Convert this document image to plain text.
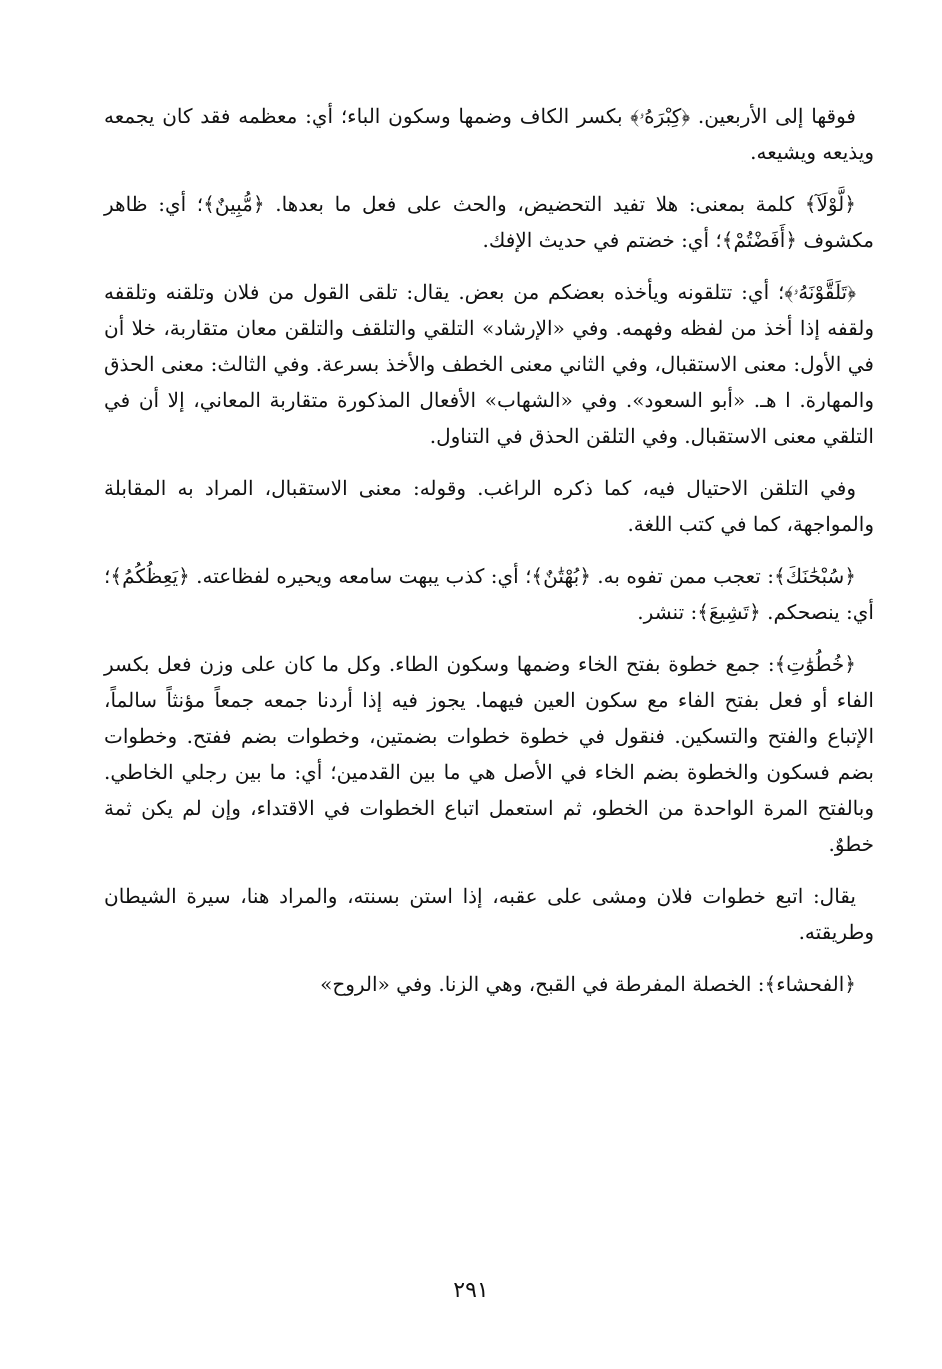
فوقها إلى الأربعين. ﴿كِبْرَهُۥ﴾ بكسر الكاف وضمها وسكون الباء؛ أي: معظمه فقد كان يجمعه ويذيعه ويشيعه.

﴿لَّوْلَآ﴾ كلمة بمعنى: هلا تفيد التحضيض، والحث على فعل ما بعدها. ﴿مُّبِينٌ﴾؛ أي: ظاهر مكشوف ﴿أَفَضْتُمْ﴾؛ أي: خضتم في حديث الإفك.

﴿تَلَقَّوْنَهُۥ﴾؛ أي: تتلقونه ويأخذه بعضكم من بعض. يقال: تلقى القول من فلان وتلقنه وتلقفه ولقفه إذا أخذ من لفظه وفهمه. وفي «الإرشاد» التلقي والتلقف والتلقن معان متقاربة، خلا أن في الأول: معنى الاستقبال، وفي الثاني معنى الخطف والأخذ بسرعة. وفي الثالث: معنى الحذق والمهارة. ا هـ. «أبو السعود». وفي «الشهاب» الأفعال المذكورة متقاربة المعاني، إلا أن في التلقي معنى الاستقبال. وفي التلقن الحذق في التناول.

وفي التلقن الاحتيال فيه، كما ذكره الراغب. وقوله: معنى الاستقبال، المراد به المقابلة والمواجهة، كما في كتب اللغة.

﴿سُبْحَٰنَكَ﴾: تعجب ممن تفوه به. ﴿بُهْتَٰنٌ﴾؛ أي: كذب يبهت سامعه ويحيره لفظاعته. ﴿يَعِظُكُمُ﴾؛ أي: ينصحكم. ﴿تَشِيعَ﴾: تنشر.

﴿خُطُوَٰتِ﴾: جمع خطوة بفتح الخاء وضمها وسكون الطاء. وكل ما كان على وزن فعل بكسر الفاء أو فعل بفتح الفاء مع سكون العين فيهما. يجوز فيه إذا أردنا جمعه جمعاً مؤنثاً سالماً، الإتباع والفتح والتسكين. فنقول في خطوة خطوات بضمتين، وخطوات بضم ففتح. وخطوات بضم فسكون والخطوة بضم الخاء في الأصل هي ما بين القدمين؛ أي: ما بين رجلي الخاطي. وبالفتح المرة الواحدة من الخطو، ثم استعمل اتباع الخطوات في الاقتداء، وإن لم يكن ثمة خطوٌ.

يقال: اتبع خطوات فلان ومشى على عقبه، إذا استن بسنته، والمراد هنا، سيرة الشيطان وطريقته.

﴿الفحشاء﴾: الخصلة المفرطة في القبح، وهي الزنا. وفي «الروح»

٢٩١
